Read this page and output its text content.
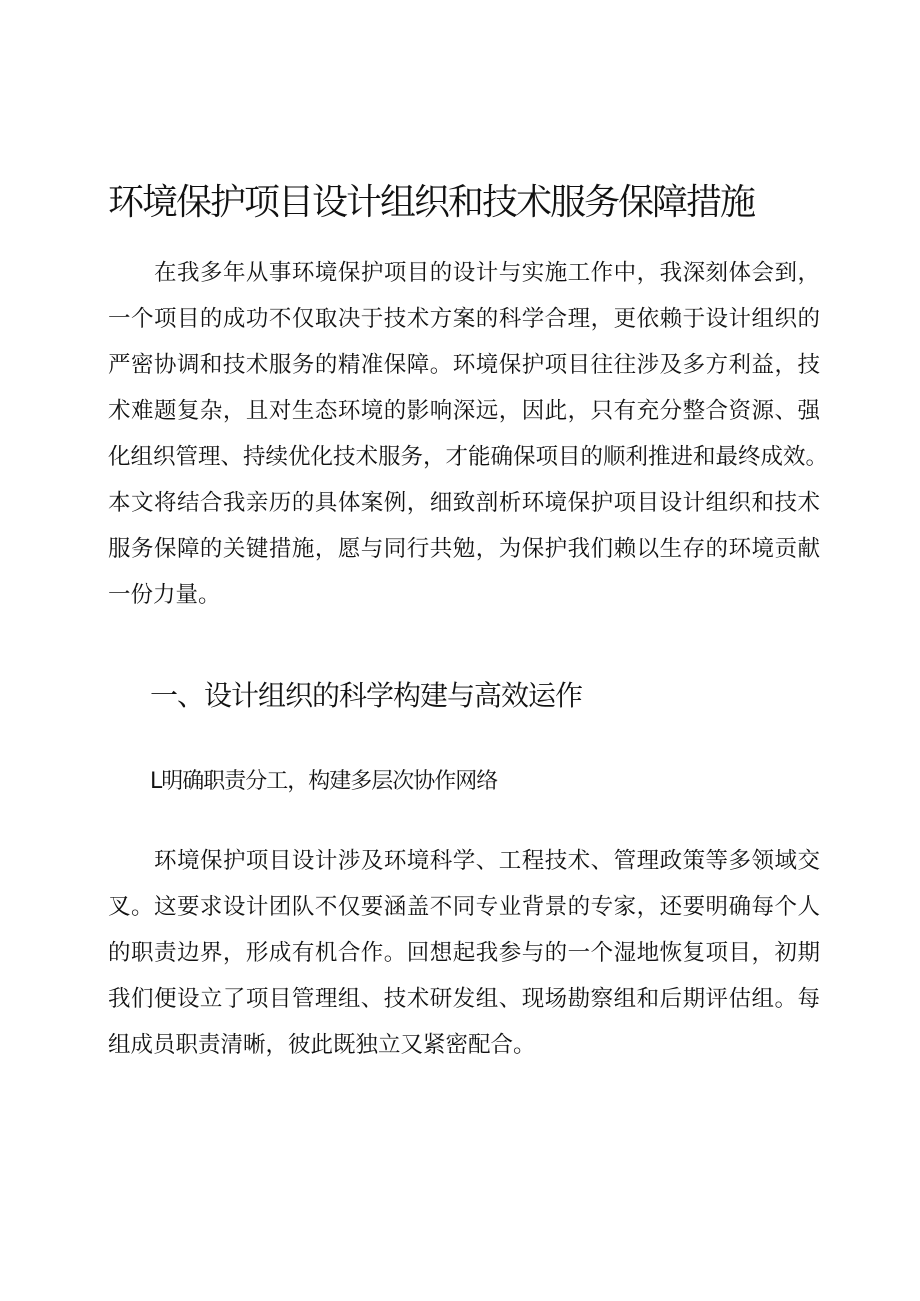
环境保护项目设计组织和技术服务保障措施
在我多年从事环境保护项目的设计与实施工作中，我深刻体会到，
一个项目的成功不仅取决于技术方案的科学合理，更依赖于设计组织的
严密协调和技术服务的精准保障。环境保护项目往往涉及多方利益，技
术难题复杂，且对生态环境的影响深远，因此，只有充分整合资源、强
化组织管理、持续优化技术服务，才能确保项目的顺利推进和最终成效。
本文将结合我亲历的具体案例，细致剖析环境保护项目设计组织和技术
服务保障的关键措施，愿与同行共勉，为保护我们赖以生存的环境贡献
一份力量。
一、设计组织的科学构建与高效运作
L明确职责分工，构建多层次协作网络
环境保护项目设计涉及环境科学、工程技术、管理政策等多领域交
叉。这要求设计团队不仅要涵盖不同专业背景的专家，还要明确每个人
的职责边界，形成有机合作。回想起我参与的一个湿地恢复项目，初期
我们便设立了项目管理组、技术研发组、现场勘察组和后期评估组。每
组成员职责清晰，彼此既独立又紧密配合。
